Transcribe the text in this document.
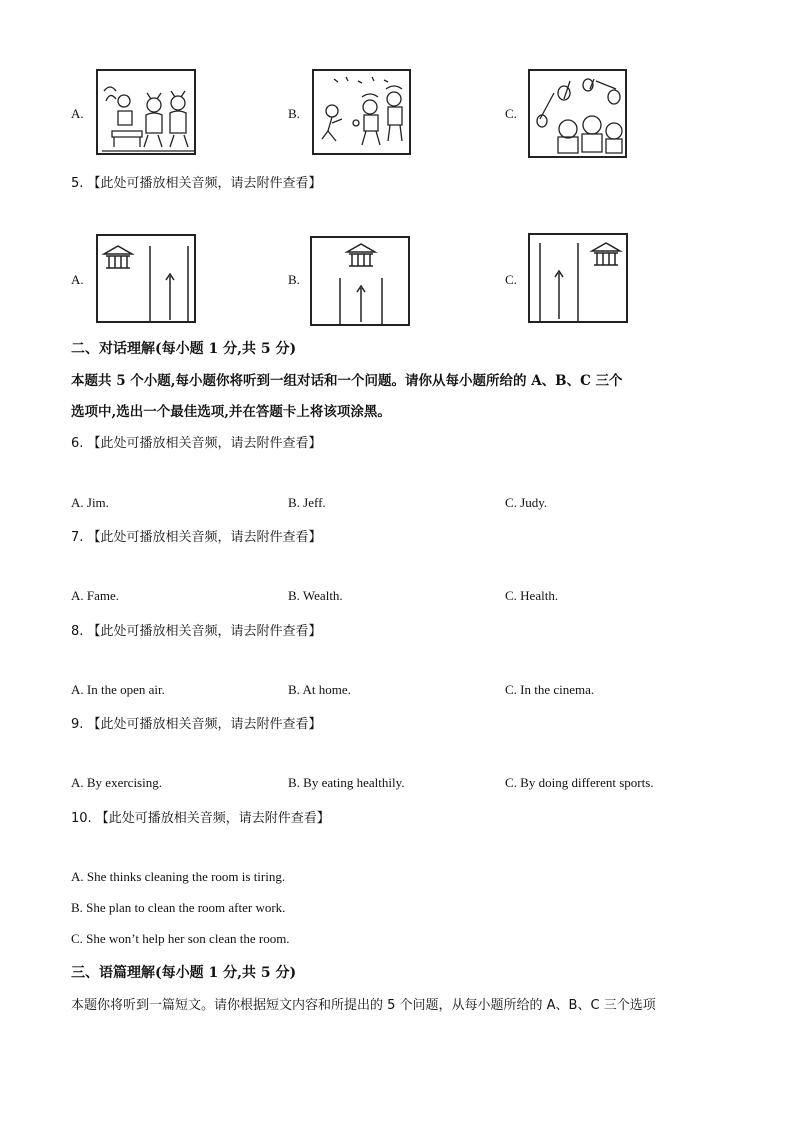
A.	B.	C.
5. 【此处可播放相关音频，请去附件查看】
A.	B.	C.
二、对话理解(每小题 1 分,共 5 分)
本题共 5 个小题,每小题你将听到一组对话和一个问题。请你从每小题所给的 A、B、C 三个
选项中,选出一个最佳选项,并在答题卡上将该项涂黑。
6. 【此处可播放相关音频，请去附件查看】
A. Jim.	B. Jeff.	C. Judy.
7. 【此处可播放相关音频，请去附件查看】
A. Fame.	B. Wealth.	C. Health.
8. 【此处可播放相关音频，请去附件查看】
A. In the open air.	B. At home.	C. In the cinema.
9. 【此处可播放相关音频，请去附件查看】
A. By exercising.	B. By eating healthily.	C. By doing different sports.
10. 【此处可播放相关音频，请去附件查看】
A. She thinks cleaning the room is tiring.
B. She plan to clean the room after work.
C. She won’t help her son clean the room.
三、语篇理解(每小题 1 分,共 5 分)
本题你将听到一篇短文。请你根据短文内容和所提出的 5 个问题，从每小题所给的 A、B、C 三个选项
